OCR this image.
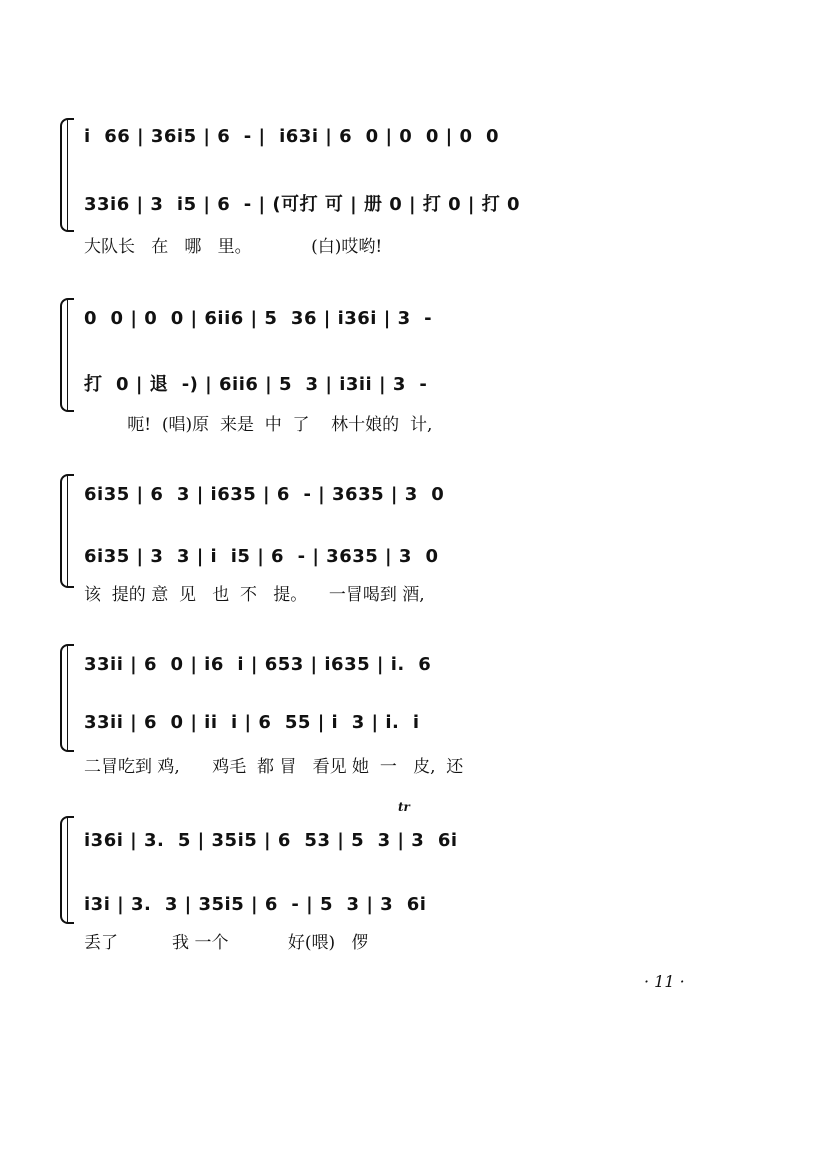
i  66 | 36i5 | 6  - |  i63i | 6  0 | 0  0 | 0  0
33i6 | 3  i5 | 6  - | (可打 可 | 册 0 | 打 0 | 打 0
大队长   在   哪   里。           (白)哎哟!
0  0 | 0  0 | 6ii6 | 5  36 | i36i | 3  -
打  0 | 退  -) | 6ii6 | 5  3 | i3ii | 3  -
呃!  (唱)原  来是  中  了    林十娘的  计,
6i35 | 6  3 | i635 | 6  - | 3635 | 3  0
6i35 | 3  3 | i  i5 | 6  - | 3635 | 3  0
该  提的 意  见   也  不   提。    一冒喝到 酒,
33ii | 6  0 | i6  i | 653 | i635 | i.  6
33ii | 6  0 | ii  i | 6  55 | i  3 | i.  i
二冒吃到 鸡,      鸡毛  都 冒   看见 她  一   皮,  还
tr
i36i | 3.  5 | 35i5 | 6  53 | 5  3 | 3  6i
i3i | 3.  3 | 35i5 | 6  - | 5  3 | 3  6i
丢了          我 一个           好(喂)   㑩
· 11 ·
